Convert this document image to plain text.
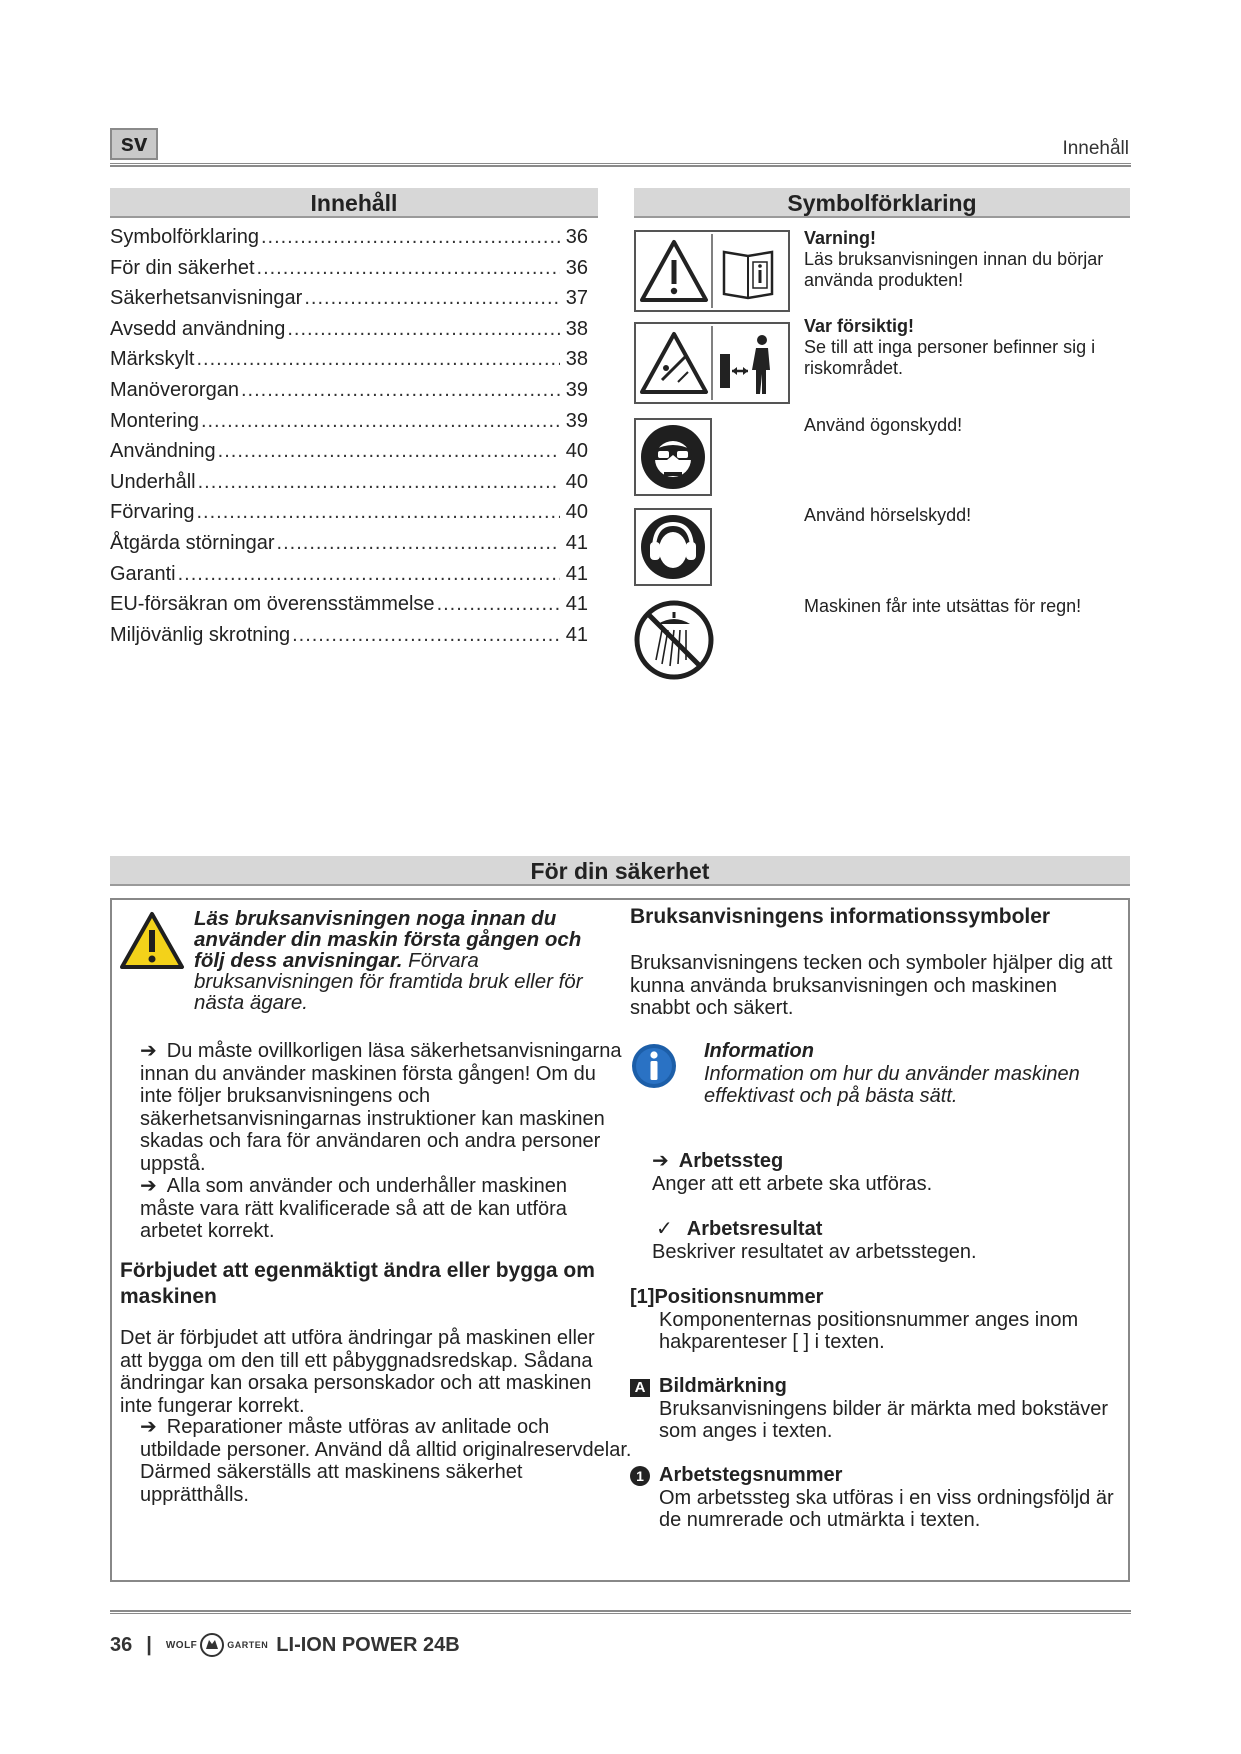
sv	Innehåll
Innehåll
Symbolförklaring .....	36
För din säkerhet .....	36
Säkerhetsanvisningar .....	37
Avsedd användning .....	38
Märkskylt .....	38
Manöverorgan .....	39
Montering .....	39
Användning .....	40
Underhåll .....	40
Förvaring .....	40
Åtgärda störningar .....	41
Garanti .....	41
EU-försäkran om överensstämmelse .....	41
Miljövänlig skrotning .....	41
Symbolförklaring
Varning!
Läs bruksanvisningen innan du börjar använda produkten!
Var försiktig!
Se till att inga personer befinner sig i riskområdet.
Använd ögonskydd!
Använd hörselskydd!
Maskinen får inte utsättas för regn!
För din säkerhet
Läs bruksanvisningen noga innan du använder din maskin första gången och följ dess anvisningar. Förvara bruksanvisningen för framtida bruk eller för nästa ägare.
➔ Du måste ovillkorligen läsa säkerhetsanvisningarna innan du använder maskinen första gången! Om du inte följer bruksanvisningens och säkerhetsanvisningarnas instruktioner kan maskinen skadas och fara för användaren och andra personer uppstå.
➔ Alla som använder och underhåller maskinen måste vara rätt kvalificerade så att de kan utföra arbetet korrekt.
Förbjudet att egenmäktigt ändra eller bygga om maskinen
Det är förbjudet att utföra ändringar på maskinen eller att bygga om den till ett påbyggnadsredskap. Sådana ändringar kan orsaka personskador och att maskinen inte fungerar korrekt.
➔ Reparationer måste utföras av anlitade och utbildade personer. Använd då alltid originalreservdelar. Därmed säkerställs att maskinens säkerhet upprätthålls.
Bruksanvisningens informationssymboler
Bruksanvisningens tecken och symboler hjälper dig att kunna använda bruksanvisningen och maskinen snabbt och säkert.
Information
Information om hur du använder maskinen effektivast och på bästa sätt.
➔ Arbetssteg
Anger att ett arbete ska utföras.
✓ Arbetsresultat
Beskriver resultatet av arbetsstegen.
[1]Positionsnummer
Komponenternas positionsnummer anges inom hakparenteser [ ] i texten.
A Bildmärkning
Bruksanvisningens bilder är märkta med bokstäver som anges i texten.
1 Arbetstegsnummer
Om arbetssteg ska utföras i en viss ordningsföljd är de numrerade och utmärkta i texten.
36 | WOLF	GARTEN LI-ION POWER 24B
